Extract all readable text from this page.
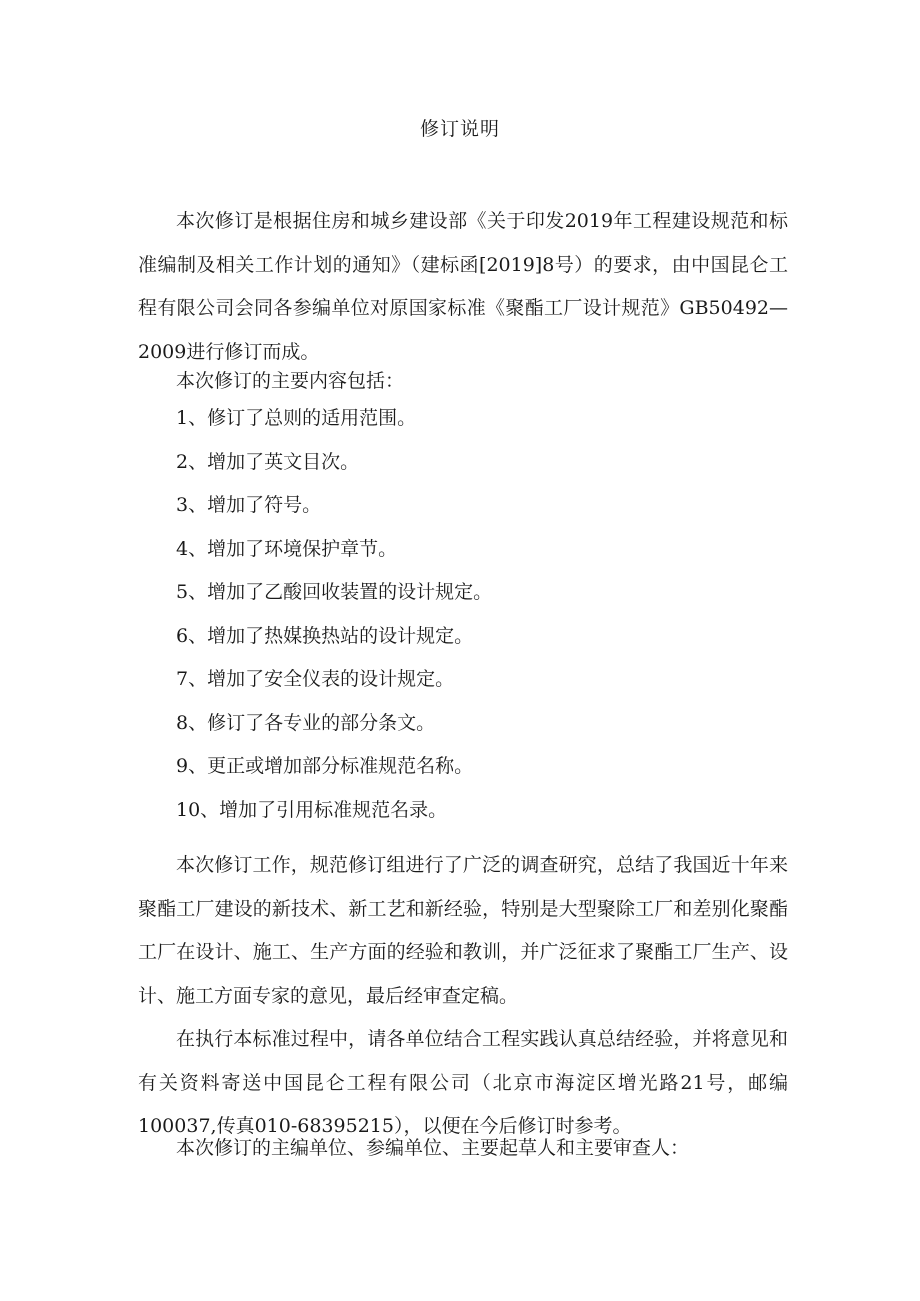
修订说明

本次修订是根据住房和城乡建设部《关于印发2019年工程建设规范和标准编制及相关工作计划的通知》（建标函[2019]8号）的要求，由中国昆仑工程有限公司会同各参编单位对原国家标准《聚酯工厂设计规范》GB50492—2009进行修订而成。

本次修订的主要内容包括：

1、修订了总则的适用范围。
2、增加了英文目次。
3、增加了符号。
4、增加了环境保护章节。
5、增加了乙酸回收装置的设计规定。
6、增加了热媒换热站的设计规定。
7、增加了安全仪表的设计规定。
8、修订了各专业的部分条文。
9、更正或增加部分标准规范名称。
10、增加了引用标准规范名录。

本次修订工作，规范修订组进行了广泛的调查研究，总结了我国近十年来聚酯工厂建设的新技术、新工艺和新经验，特别是大型聚除工厂和差别化聚酯工厂在设计、施工、生产方面的经验和教训，并广泛征求了聚酯工厂生产、设计、施工方面专家的意见，最后经审查定稿。

在执行本标准过程中，请各单位结合工程实践认真总结经验，并将意见和有关资料寄送中国昆仑工程有限公司（北京市海淀区增光路21号，邮编100037,传真010-68395215），以便在今后修订时参考。

本次修订的主编单位、参编单位、主要起草人和主要审查人：
